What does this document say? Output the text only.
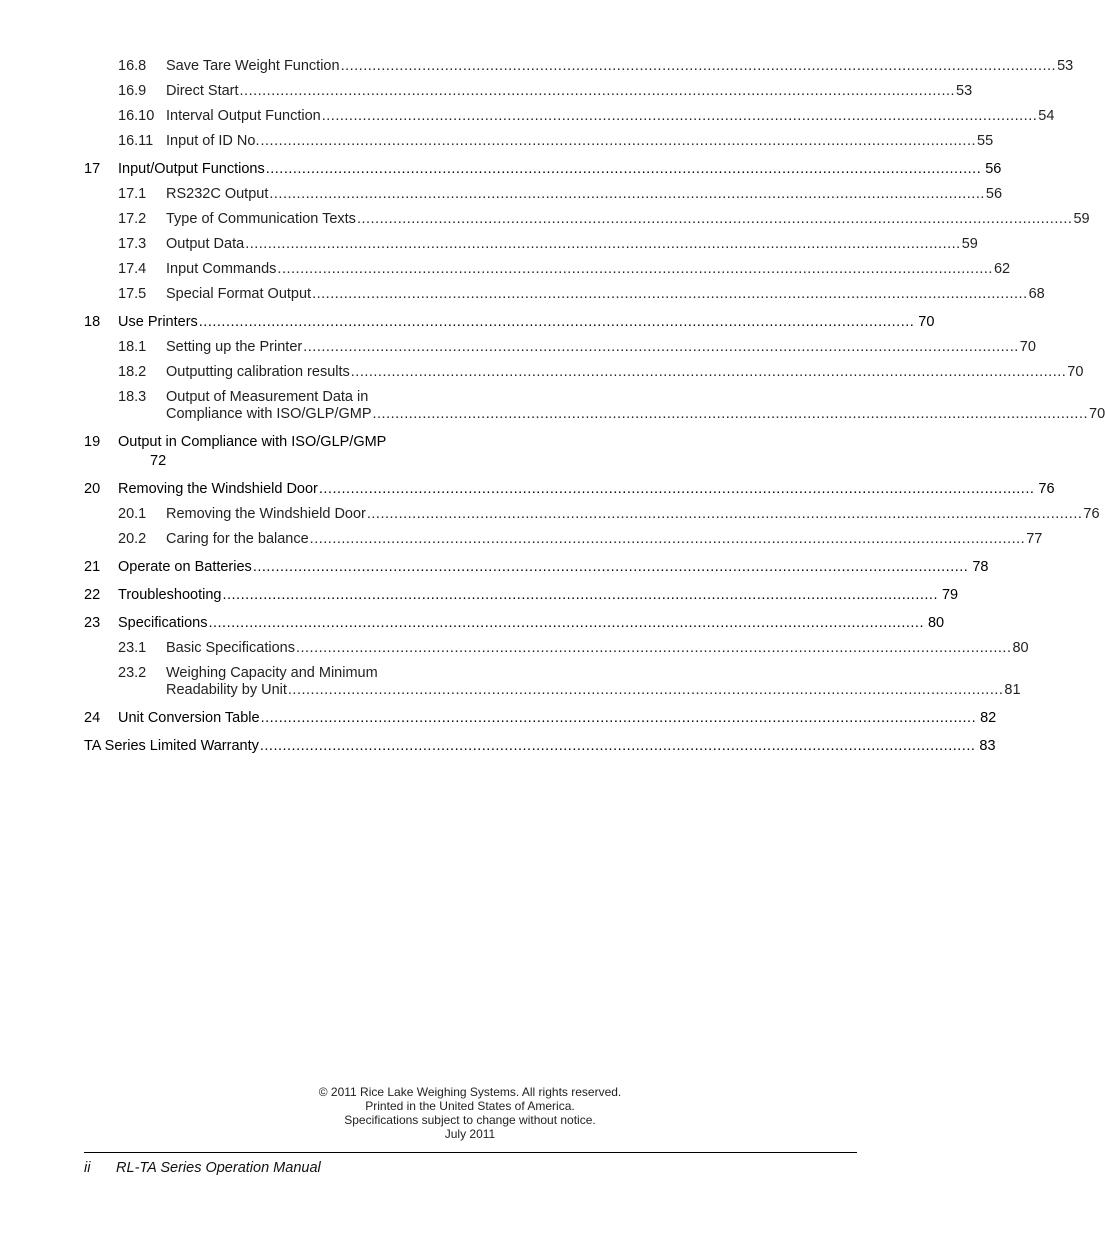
16.8	Save Tare Weight Function .....	53
16.9	Direct Start .....	53
16.10 Interval Output Function .....	54
16.11 Input of ID No. .....	55
17	Input/Output Functions .....	56
17.1	RS232C Output .....	56
17.2	Type of Communication Texts .....	59
17.3	Output Data .....	59
17.4	Input Commands .....	62
17.5	Special Format Output .....	68
18	Use Printers .....	70
18.1	Setting up the Printer .....	70
18.2	Outputting calibration results .....	70
18.3	Output of Measurement Data in
Compliance with ISO/GLP/GMP .....	70
19	Output in Compliance with ISO/GLP/GMP
72
20	Removing the Windshield Door .....	76
20.1	Removing the Windshield Door .....	76
20.2	Caring for the balance .....	77
21	Operate on Batteries .....	78
22	Troubleshooting .....	79
23	Specifications .....	80
23.1	Basic Specifications .....	80
23.2	Weighing Capacity and Minimum
Readability by Unit .....	81
24	Unit Conversion Table .....	82
TA Series Limited Warranty .....	83
© 2011 Rice Lake Weighing Systems. All rights reserved.
Printed in the United States of America.
Specifications subject to change without notice.
July 2011
ii RL-TA Series Operation Manual
